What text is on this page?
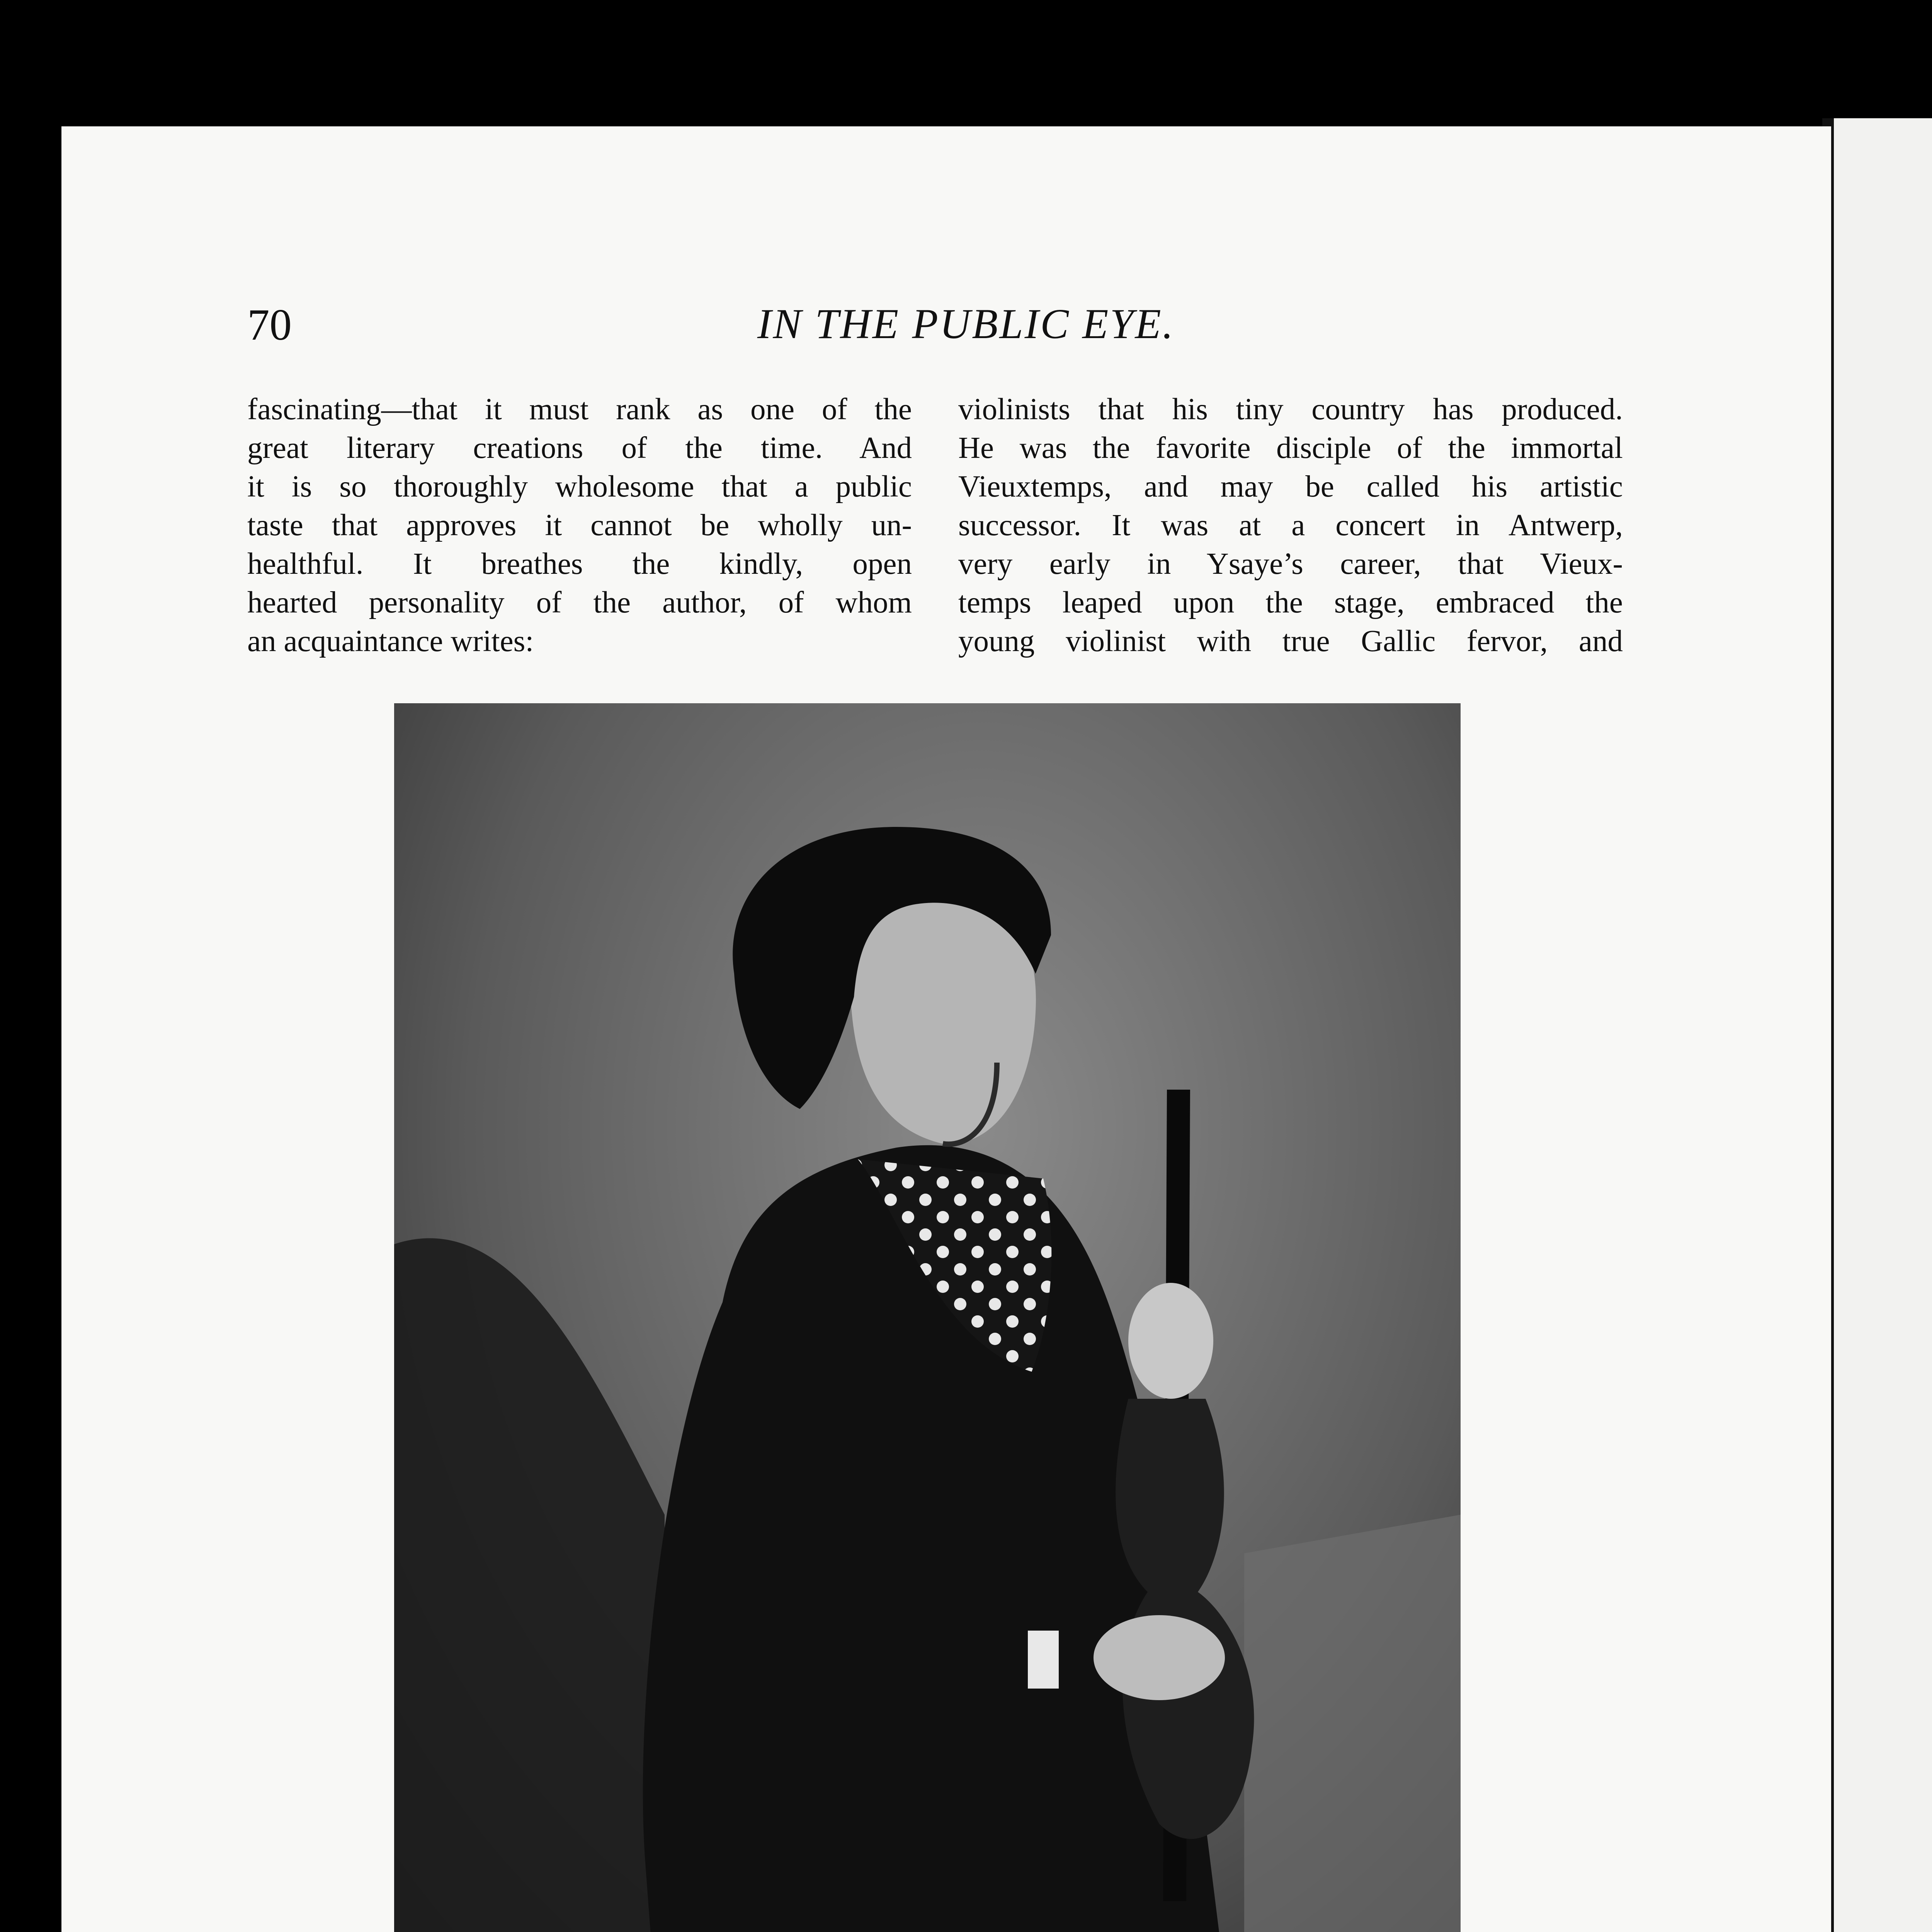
70	IN THE PUBLIC EYE.

fascinating—that it must rank as one of the

great literary creations of the time. And

it is so thoroughly wholesome that a public

taste that approves it cannot be wholly un-

healthful. It breathes the kindly, open

hearted personality of the author, of whom

an acquaintance writes:

violinists that his tiny country has produced.

He was the favorite disciple of the immortal

Vieuxtemps, and may be called his artistic

successor. It was at a concert in Antwerp,

very early in Ysaye’s career, that Vieux-

temps leaped upon the stage, embraced the

young violinist with true Gallic fervor, and
